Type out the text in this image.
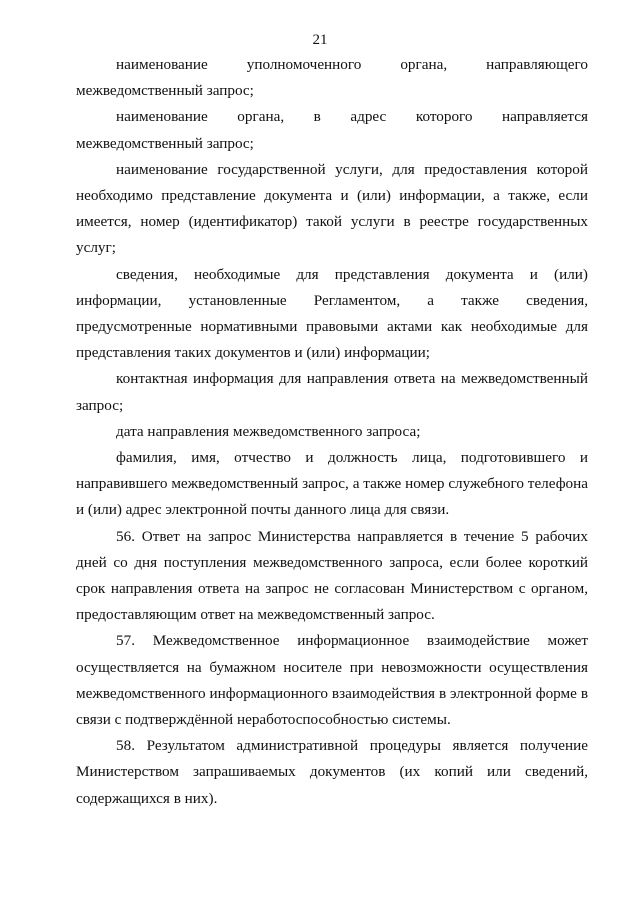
21

наименование уполномоченного органа, направляющего межведомственный запрос;

наименование органа, в адрес которого направляется межведомственный запрос;

наименование государственной услуги, для предоставления которой необходимо представление документа и (или) информации, а также, если имеется, номер (идентификатор) такой услуги в реестре государственных услуг;

сведения, необходимые для представления документа и (или) информации, установленные Регламентом, а также сведения, предусмотренные нормативными правовыми актами как необходимые для представления таких документов и (или) информации;

контактная информация для направления ответа на межведомственный запрос;

дата направления межведомственного запроса;

фамилия, имя, отчество и должность лица, подготовившего и направившего межведомственный запрос, а также номер служебного телефона и (или) адрес электронной почты данного лица для связи.

56. Ответ на запрос Министерства направляется в течение 5 рабочих дней со дня поступления межведомственного запроса, если более короткий срок направления ответа на запрос не согласован Министерством с органом, предоставляющим ответ на межведомственный запрос.

57. Межведомственное информационное взаимодействие может осуществляется на бумажном носителе при невозможности осуществления межведомственного информационного взаимодействия в электронной форме в связи с подтверждённой неработоспособностью системы.

58. Результатом административной процедуры является получение Министерством запрашиваемых документов (их копий или сведений, содержащихся в них).
